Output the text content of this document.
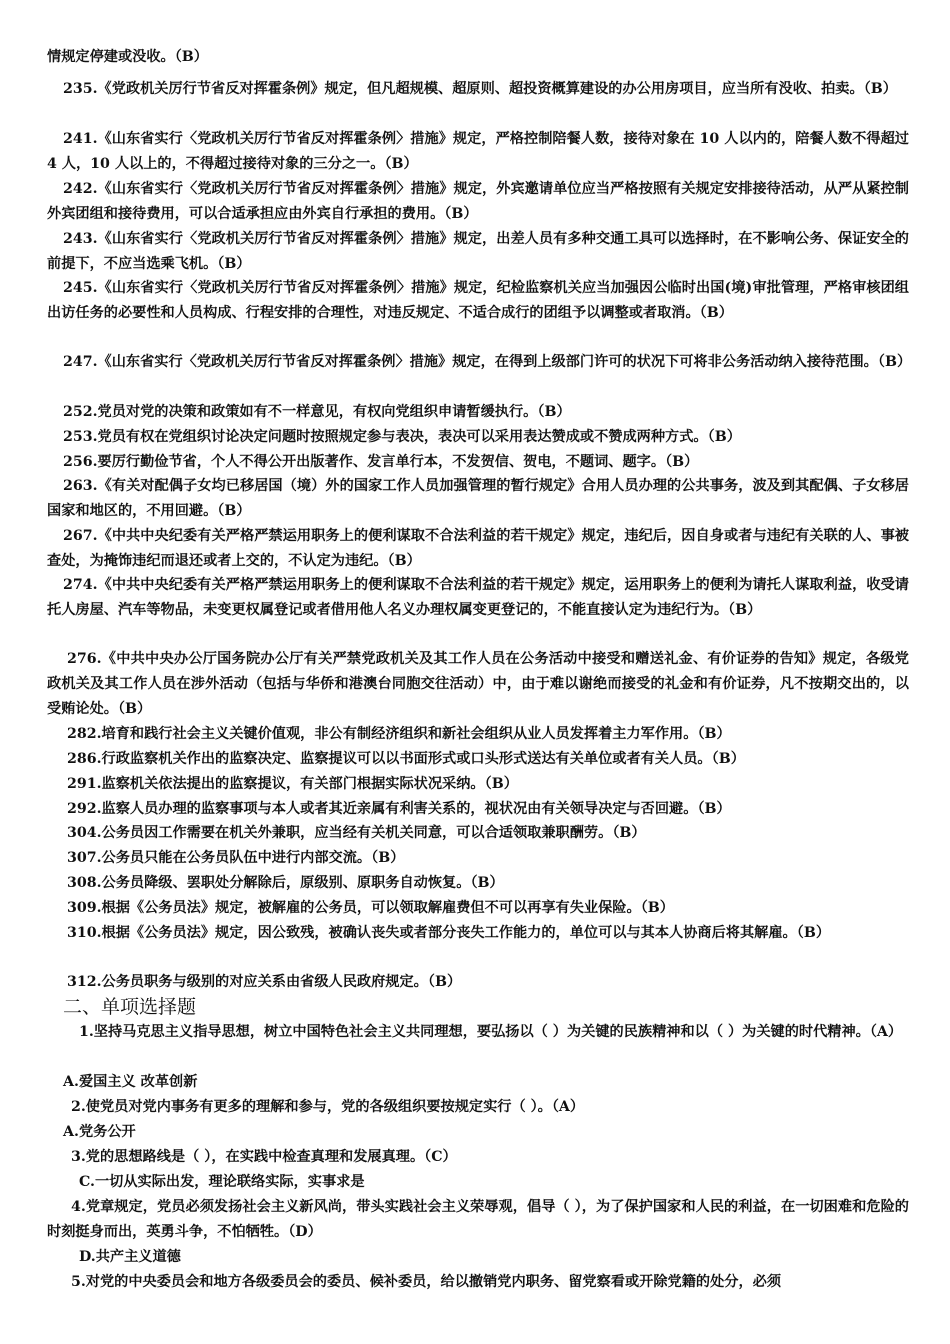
情规定停建或没收。（B）
235.《党政机关厉行节省反对挥霍条例》规定，但凡超规模、超原则、超投资概算建设的办公用房项目，应当所有没收、拍卖。（B）
241.《山东省实行〈党政机关厉行节省反对挥霍条例〉措施》规定，严格控制陪餐人数，接待对象在 10 人以内的，陪餐人数不得超过 4 人，10 人以上的，不得超过接待对象的三分之一。（B）
242.《山东省实行〈党政机关厉行节省反对挥霍条例〉措施》规定，外宾邀请单位应当严格按照有关规定安排接待活动，从严从紧控制外宾团组和接待费用，可以合适承担应由外宾自行承担的费用。（B）
243.《山东省实行〈党政机关厉行节省反对挥霍条例〉措施》规定，出差人员有多种交通工具可以选择时，在不影响公务、保证安全的前提下，不应当选乘飞机。（B）
245.《山东省实行〈党政机关厉行节省反对挥霍条例〉措施》规定，纪检监察机关应当加强因公临时出国(境)审批管理，严格审核团组出访任务的必要性和人员构成、行程安排的合理性，对违反规定、不适合成行的团组予以调整或者取消。（B）
247.《山东省实行〈党政机关厉行节省反对挥霍条例〉措施》规定，在得到上级部门许可的状况下可将非公务活动纳入接待范围。（B）
252.党员对党的决策和政策如有不一样意见，有权向党组织申请暂缓执行。（B）
253.党员有权在党组织讨论决定问题时按照规定参与表决，表决可以采用表达赞成或不赞成两种方式。（B）
256.要厉行勤俭节省，个人不得公开出版著作、发言单行本，不发贺信、贺电，不题词、题字。（B）
263.《有关对配偶子女均已移居国（境）外的国家工作人员加强管理的暂行规定》合用人员办理的公共事务，波及到其配偶、子女移居国家和地区的，不用回避。（B）
267.《中共中央纪委有关严格严禁运用职务上的便利谋取不合法利益的若干规定》规定，违纪后，因自身或者与违纪有关联的人、事被查处，为掩饰违纪而退还或者上交的，不认定为违纪。（B）
274.《中共中央纪委有关严格严禁运用职务上的便利谋取不合法利益的若干规定》规定，运用职务上的便利为请托人谋取利益，收受请托人房屋、汽车等物品，未变更权属登记或者借用他人名义办理权属变更登记的，不能直接认定为违纪行为。（B）
276.《中共中央办公厅国务院办公厅有关严禁党政机关及其工作人员在公务活动中接受和赠送礼金、有价证券的告知》规定，各级党政机关及其工作人员在涉外活动（包括与华侨和港澳台同胞交往活动）中，由于难以谢绝而接受的礼金和有价证券，凡不按期交出的，以受贿论处。（B）
282.培育和践行社会主义关键价值观，非公有制经济组织和新社会组织从业人员发挥着主力军作用。（B）
286.行政监察机关作出的监察决定、监察提议可以以书面形式或口头形式送达有关单位或者有关人员。（B）
291.监察机关依法提出的监察提议，有关部门根据实际状况采纳。（B）
292.监察人员办理的监察事项与本人或者其近亲属有利害关系的，视状况由有关领导决定与否回避。（B）
304.公务员因工作需要在机关外兼职，应当经有关机关同意，可以合适领取兼职酬劳。（B）
307.公务员只能在公务员队伍中进行内部交流。（B）
308.公务员降级、罢职处分解除后，原级别、原职务自动恢复。（B）
309.根据《公务员法》规定，被解雇的公务员，可以领取解雇费但不可以再享有失业保险。（B）
310.根据《公务员法》规定，因公致残，被确认丧失或者部分丧失工作能力的，单位可以与其本人协商后将其解雇。（B）
312.公务员职务与级别的对应关系由省级人民政府规定。（B）
二、单项选择题
1.坚持马克思主义指导思想，树立中国特色社会主义共同理想，要弘扬以（ ）为关键的民族精神和以（ ）为关键的时代精神。（A）
A.爱国主义 改革创新
2.使党员对党内事务有更多的理解和参与，党的各级组织要按规定实行（ ）。（A）
A.党务公开
3.党的思想路线是（ ），在实践中检查真理和发展真理。（C）
C.一切从实际出发，理论联络实际，实事求是
4.党章规定，党员必须发扬社会主义新风尚，带头实践社会主义荣辱观，倡导（ ），为了保护国家和人民的利益，在一切困难和危险的时刻挺身而出，英勇斗争，不怕牺牲。（D）
D.共产主义道德
5.对党的中央委员会和地方各级委员会的委员、候补委员，给以撤销党内职务、留党察看或开除党籍的处分，必须
